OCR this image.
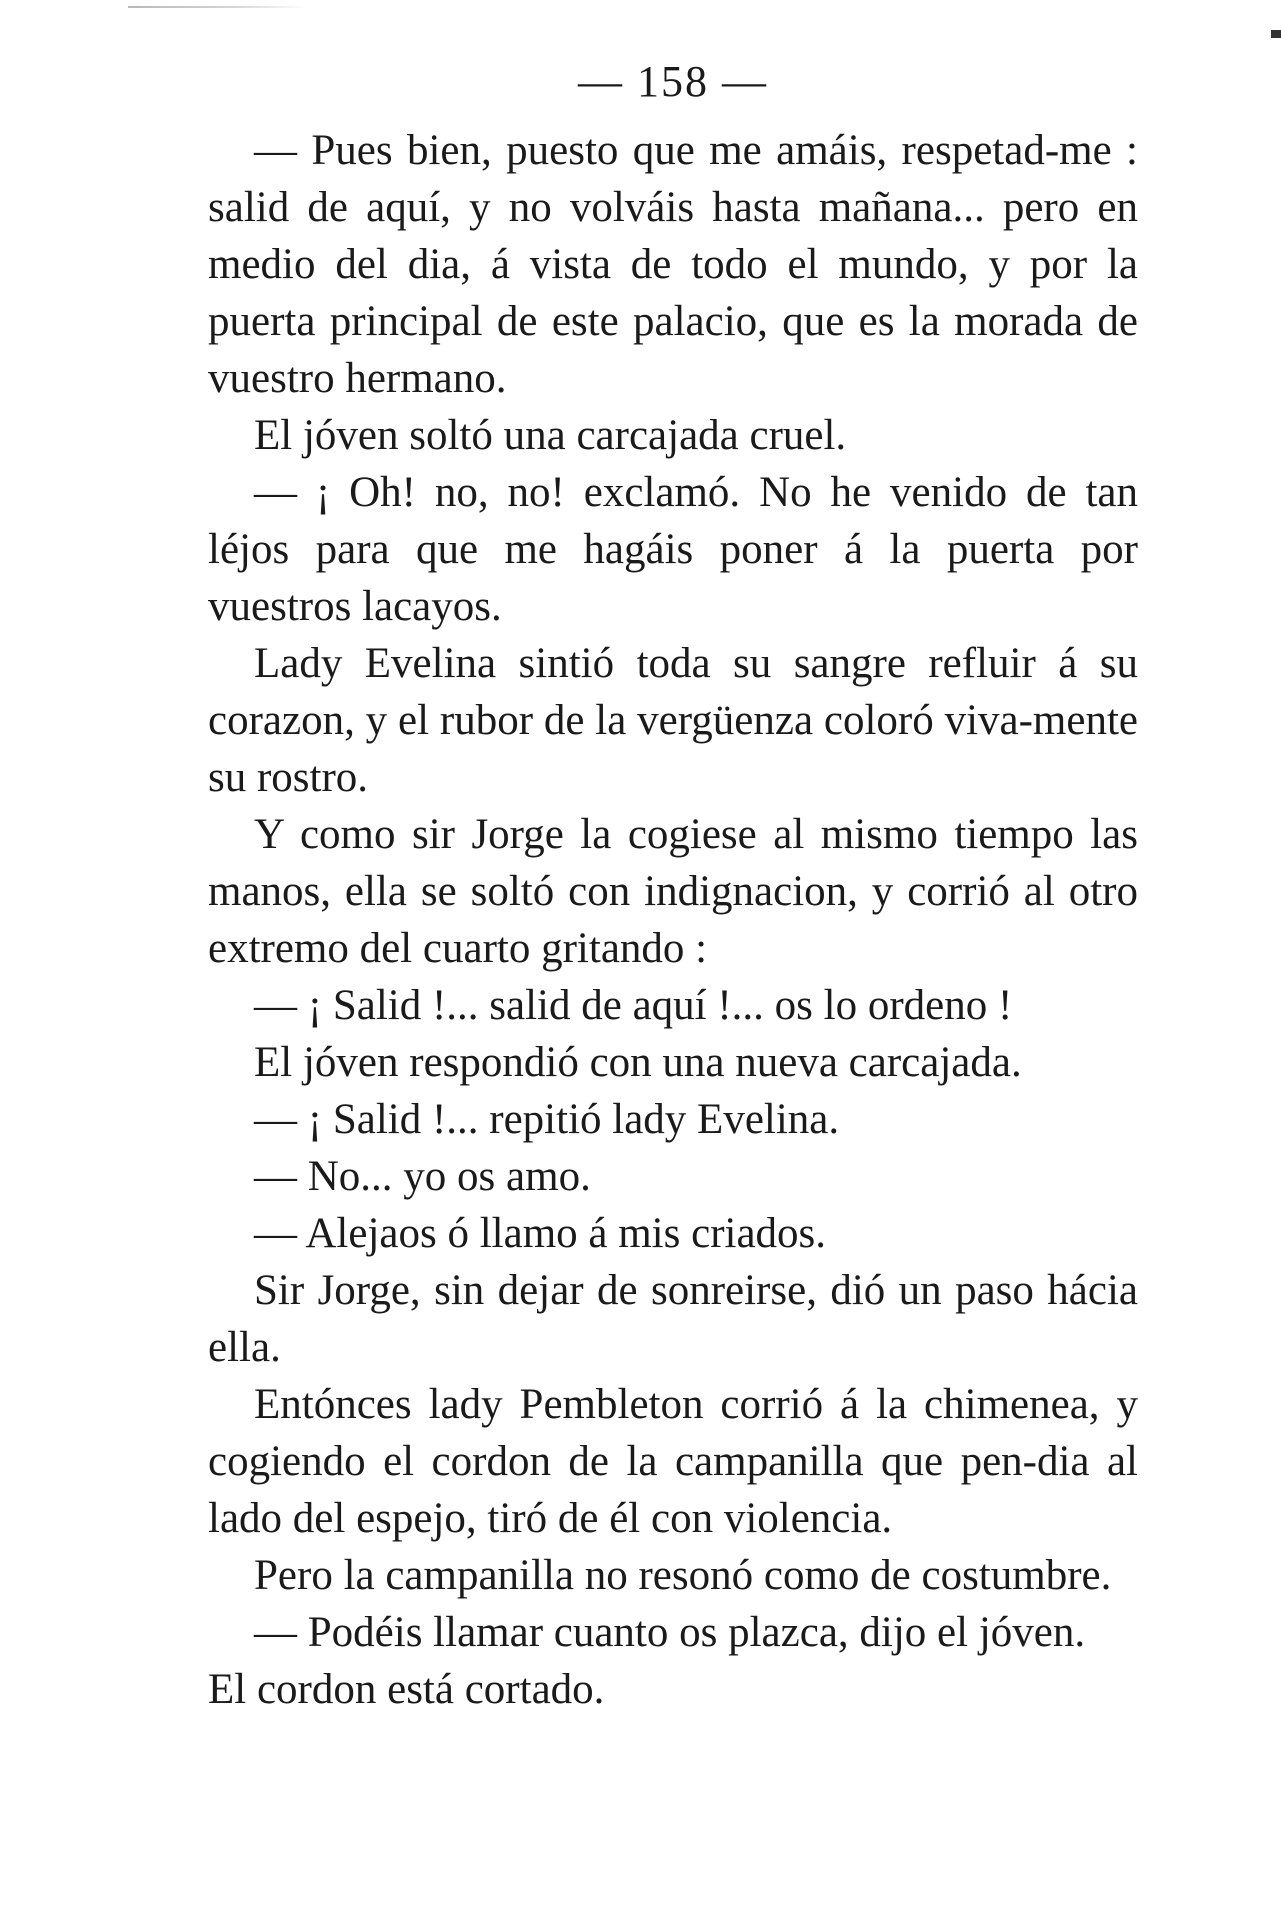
— 158 —

— Pues bien, puesto que me amáis, respetad-me : salid de aquí, y no volváis hasta mañana... pero en medio del dia, á vista de todo el mundo, y por la puerta principal de este palacio, que es la morada de vuestro hermano.

El jóven soltó una carcajada cruel.

— ¡ Oh! no, no! exclamó. No he venido de tan léjos para que me hagáis poner á la puerta por vuestros lacayos.

Lady Evelina sintió toda su sangre refluir á su corazon, y el rubor de la vergüenza coloró viva-mente su rostro.

Y como sir Jorge la cogiese al mismo tiempo las manos, ella se soltó con indignacion, y corrió al otro extremo del cuarto gritando :

— ¡ Salid !... salid de aquí !... os lo ordeno !

El jóven respondió con una nueva carcajada.

— ¡ Salid !... repitió lady Evelina.

— No... yo os amo.

— Alejaos ó llamo á mis criados.

Sir Jorge, sin dejar de sonreirse, dió un paso hácia ella.

Entónces lady Pembleton corrió á la chimenea, y cogiendo el cordon de la campanilla que pen-dia al lado del espejo, tiró de él con violencia.

Pero la campanilla no resonó como de costumbre.

— Podéis llamar cuanto os plazca, dijo el jóven.

El cordon está cortado.
